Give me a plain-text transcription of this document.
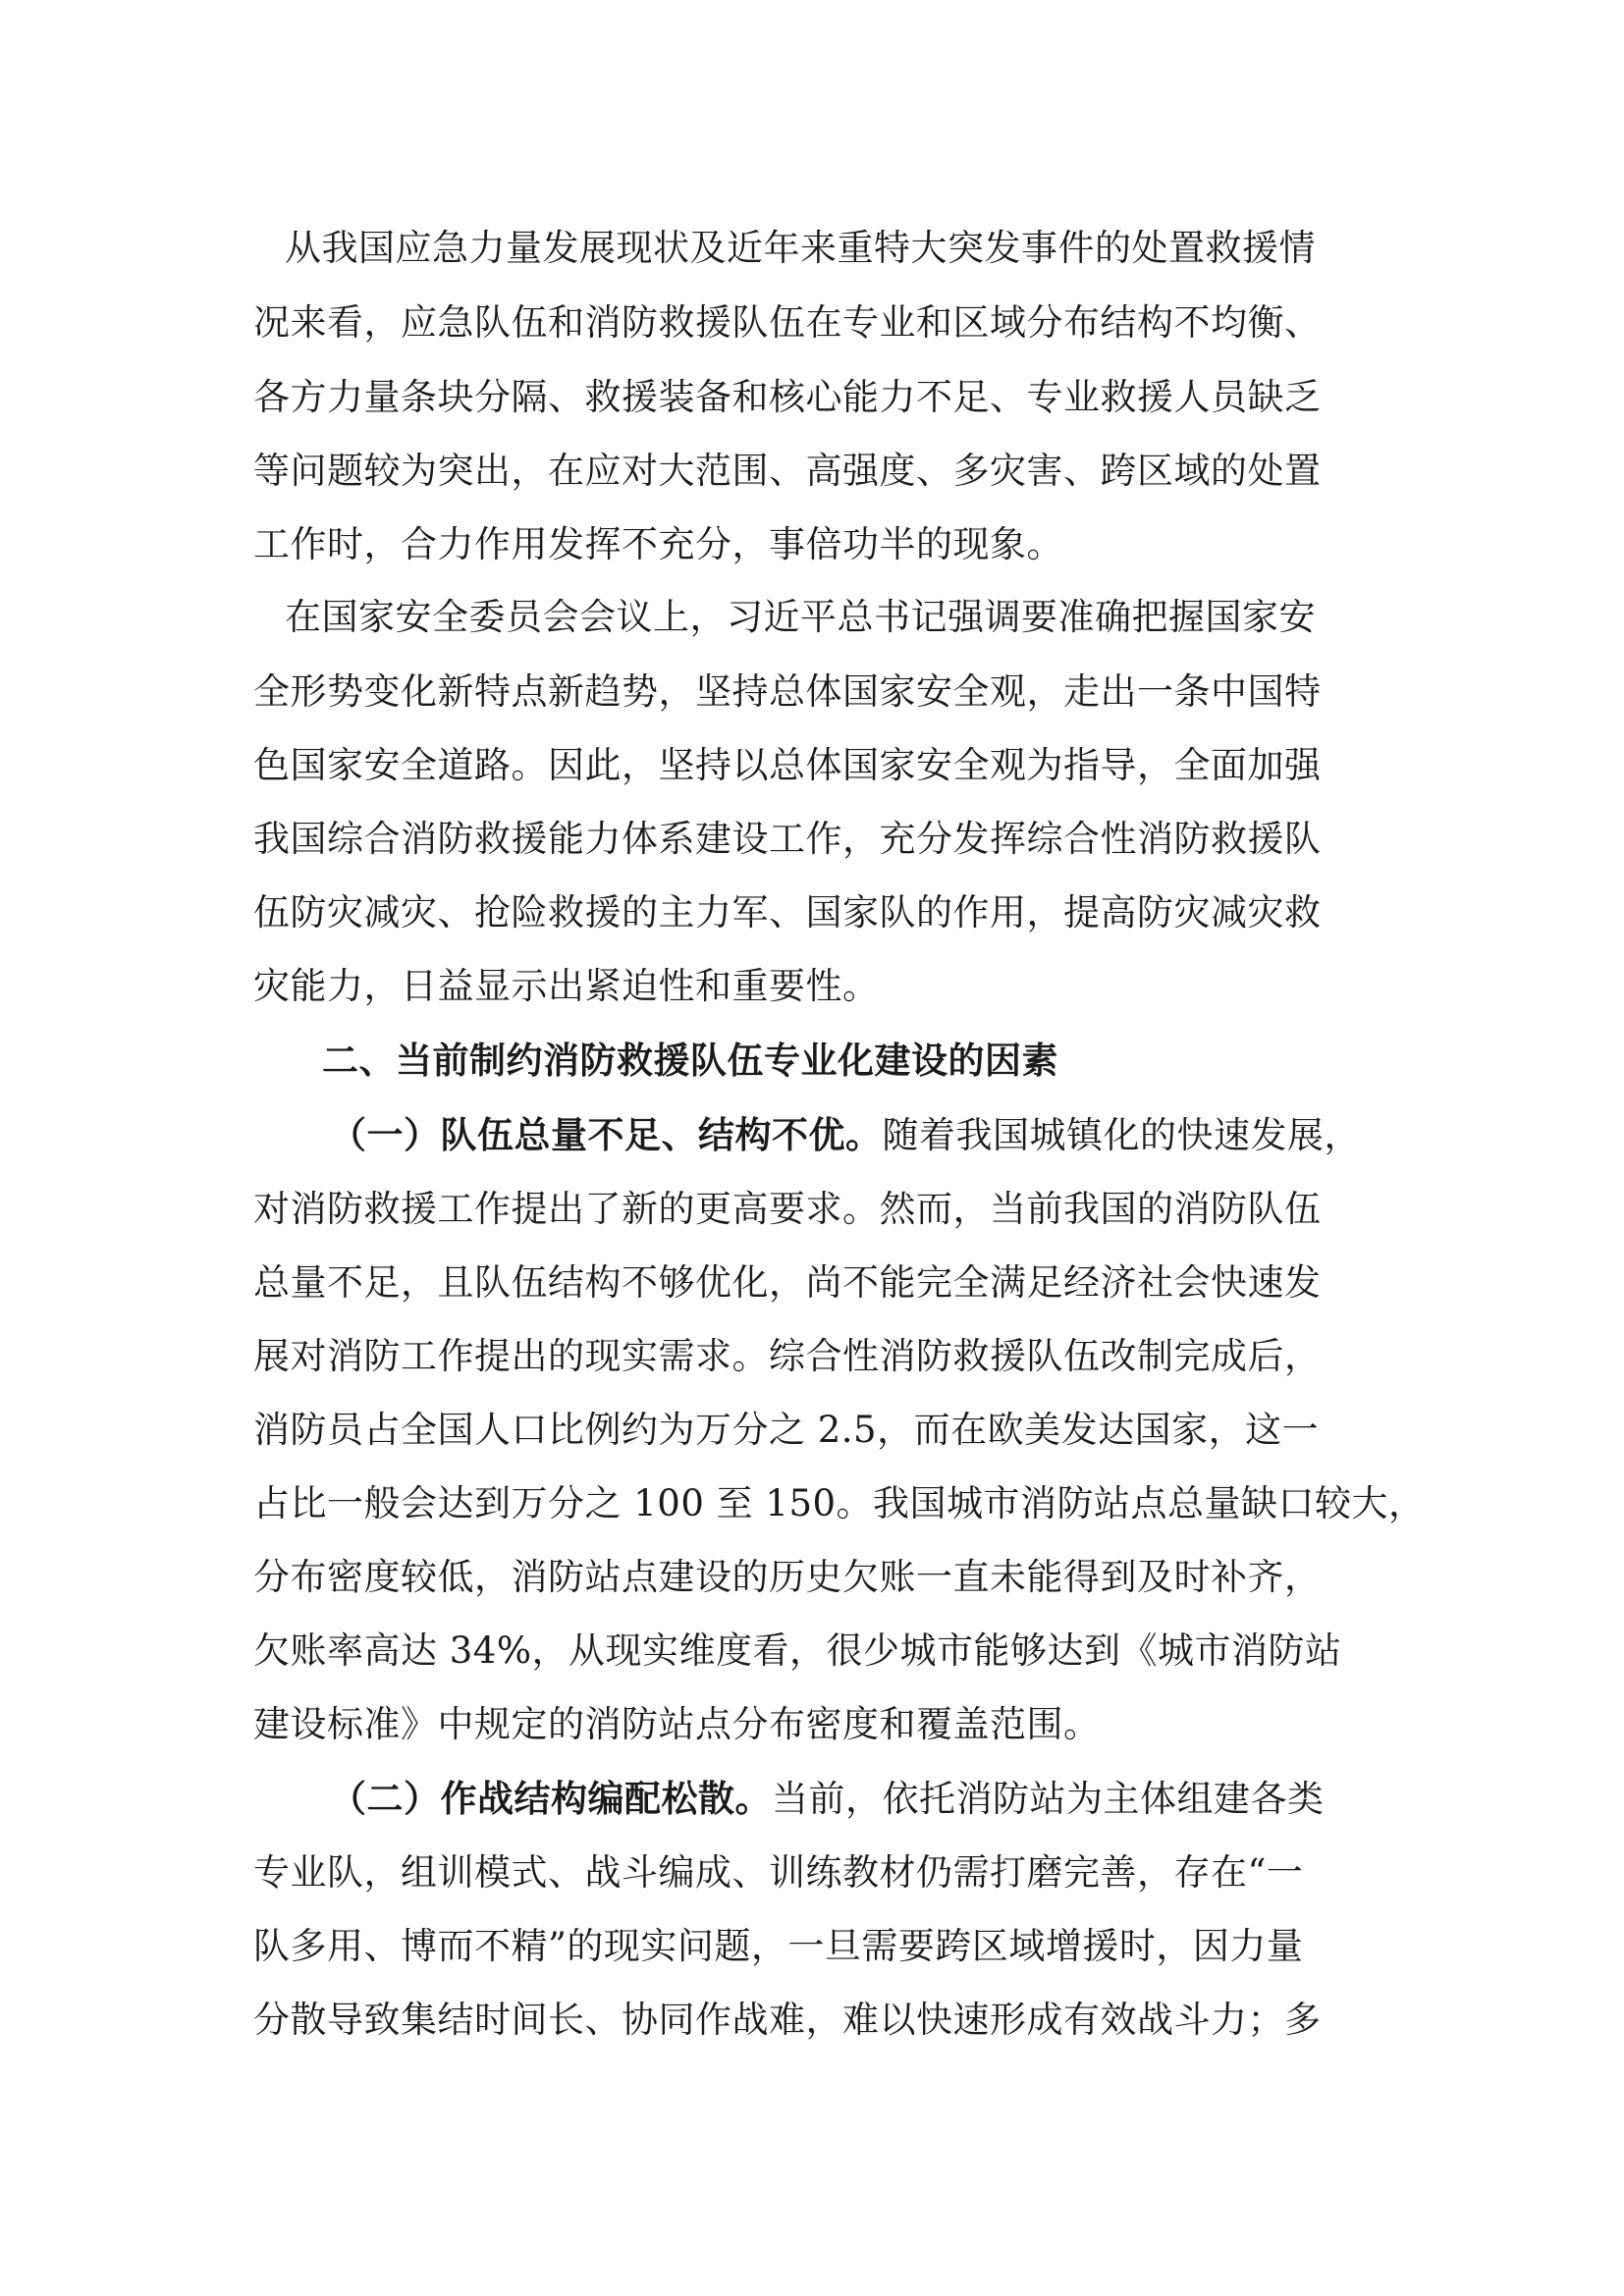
从我国应急力量发展现状及近年来重特大突发事件的处置救援情
况来看，应急队伍和消防救援队伍在专业和区域分布结构不均衡、
各方力量条块分隔、救援装备和核心能力不足、专业救援人员缺乏
等问题较为突出，在应对大范围、高强度、多灾害、跨区域的处置
工作时，合力作用发挥不充分，事倍功半的现象。
在国家安全委员会会议上，习近平总书记强调要准确把握国家安
全形势变化新特点新趋势，坚持总体国家安全观，走出一条中国特
色国家安全道路。因此，坚持以总体国家安全观为指导，全面加强
我国综合消防救援能力体系建设工作，充分发挥综合性消防救援队
伍防灾减灾、抢险救援的主力军、国家队的作用，提高防灾减灾救
灾能力，日益显示出紧迫性和重要性。
二、当前制约消防救援队伍专业化建设的因素
（一）队伍总量不足、结构不优。随着我国城镇化的快速发展，
对消防救援工作提出了新的更高要求。然而，当前我国的消防队伍
总量不足，且队伍结构不够优化，尚不能完全满足经济社会快速发
展对消防工作提出的现实需求。综合性消防救援队伍改制完成后，
消防员占全国人口比例约为万分之 2.5，而在欧美发达国家，这一
占比一般会达到万分之 100 至 150。我国城市消防站点总量缺口较大，
分布密度较低，消防站点建设的历史欠账一直未能得到及时补齐，
欠账率高达 34%，从现实维度看，很少城市能够达到《城市消防站
建设标准》中规定的消防站点分布密度和覆盖范围。
（二）作战结构编配松散。当前，依托消防站为主体组建各类
专业队，组训模式、战斗编成、训练教材仍需打磨完善，存在“一
队多用、博而不精”的现实问题，一旦需要跨区域增援时，因力量
分散导致集结时间长、协同作战难，难以快速形成有效战斗力；多
